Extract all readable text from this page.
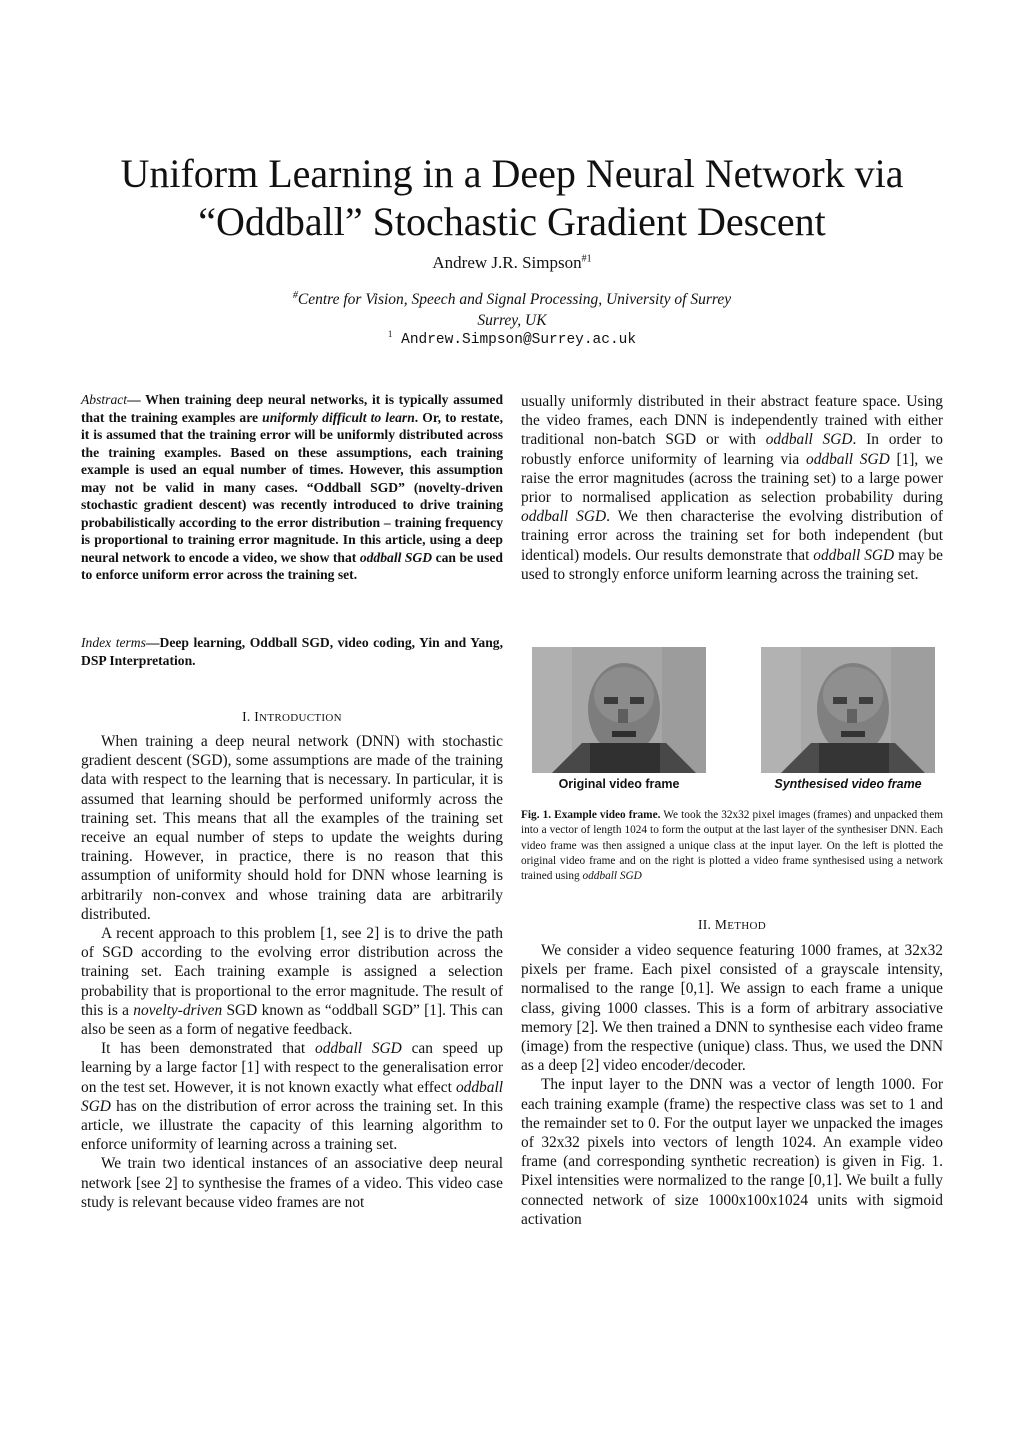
Uniform Learning in a Deep Neural Network via
“Oddball” Stochastic Gradient Descent
Andrew J.R. Simpson$^{\#1}$
#Centre for Vision, Speech and Signal Processing, University of Surrey
Surrey, UK
$^1$ Andrew.Simpson@Surrey.ac.uk
Abstract— When training deep neural networks, it is typically assumed that the training examples are uniformly difficult to learn. Or, to restate, it is assumed that the training error will be uniformly distributed across the training examples. Based on these assumptions, each training example is used an equal number of times. However, this assumption may not be valid in many cases. “Oddball SGD” (novelty-driven stochastic gradient descent) was recently introduced to drive training probabilistically according to the error distribution – training frequency is proportional to training error magnitude. In this article, using a deep neural network to encode a video, we show that oddball SGD can be used to enforce uniform error across the training set.
Index terms—Deep learning, Oddball SGD, video coding, Yin and Yang, DSP Interpretation.
I. INTRODUCTION

When training a deep neural network (DNN) with stochastic gradient descent (SGD), some assumptions are made of the training data with respect to the learning that is necessary. In particular, it is assumed that learning should be performed uniformly across the training set. This means that all the examples of the training set receive an equal number of steps to update the weights during training. However, in practice, there is no reason that this assumption of uniformity should hold for DNN whose learning is arbitrarily non-convex and whose training data are arbitrarily distributed.

A recent approach to this problem [1, see 2] is to drive the path of SGD according to the evolving error distribution across the training set. Each training example is assigned a selection probability that is proportional to the error magnitude. The result of this is a novelty-driven SGD known as “oddball SGD” [1]. This can also be seen as a form of negative feedback.

It has been demonstrated that oddball SGD can speed up learning by a large factor [1] with respect to the generalisation error on the test set. However, it is not known exactly what effect oddball SGD has on the distribution of error across the training set. In this article, we illustrate the capacity of this learning algorithm to enforce uniformity of learning across a training set.

We train two identical instances of an associative deep neural network [see 2] to synthesise the frames of a video. This video case study is relevant because video frames are not

usually uniformly distributed in their abstract feature space. Using the video frames, each DNN is independently trained with either traditional non-batch SGD or with oddball SGD. In order to robustly enforce uniformity of learning via oddball SGD [1], we raise the error magnitudes (across the training set) to a large power prior to normalised application as selection probability during oddball SGD. We then characterise the evolving distribution of training error across the training set for both independent (but identical) models. Our results demonstrate that oddball SGD may be used to strongly enforce uniform learning across the training set.
Original video frame	Synthesised video frame
Fig. 1. Example video frame. We took the 32x32 pixel images (frames) and unpacked them into a vector of length 1024 to form the output at the last layer of the synthesiser DNN. Each video frame was then assigned a unique class at the input layer. On the left is plotted the original video frame and on the right is plotted a video frame synthesised using a network trained using oddball SGD
II. METHOD

We consider a video sequence featuring 1000 frames, at 32x32 pixels per frame. Each pixel consisted of a grayscale intensity, normalised to the range [0,1]. We assign to each frame a unique class, giving 1000 classes. This is a form of arbitrary associative memory [2]. We then trained a DNN to synthesise each video frame (image) from the respective (unique) class. Thus, we used the DNN as a deep [2] video encoder/decoder.

The input layer to the DNN was a vector of length 1000. For each training example (frame) the respective class was set to 1 and the remainder set to 0. For the output layer we unpacked the images of 32x32 pixels into vectors of length 1024. An example video frame (and corresponding synthetic recreation) is given in Fig. 1. Pixel intensities were normalized to the range [0,1]. We built a fully connected network of size 1000x100x1024 units with sigmoid activation
